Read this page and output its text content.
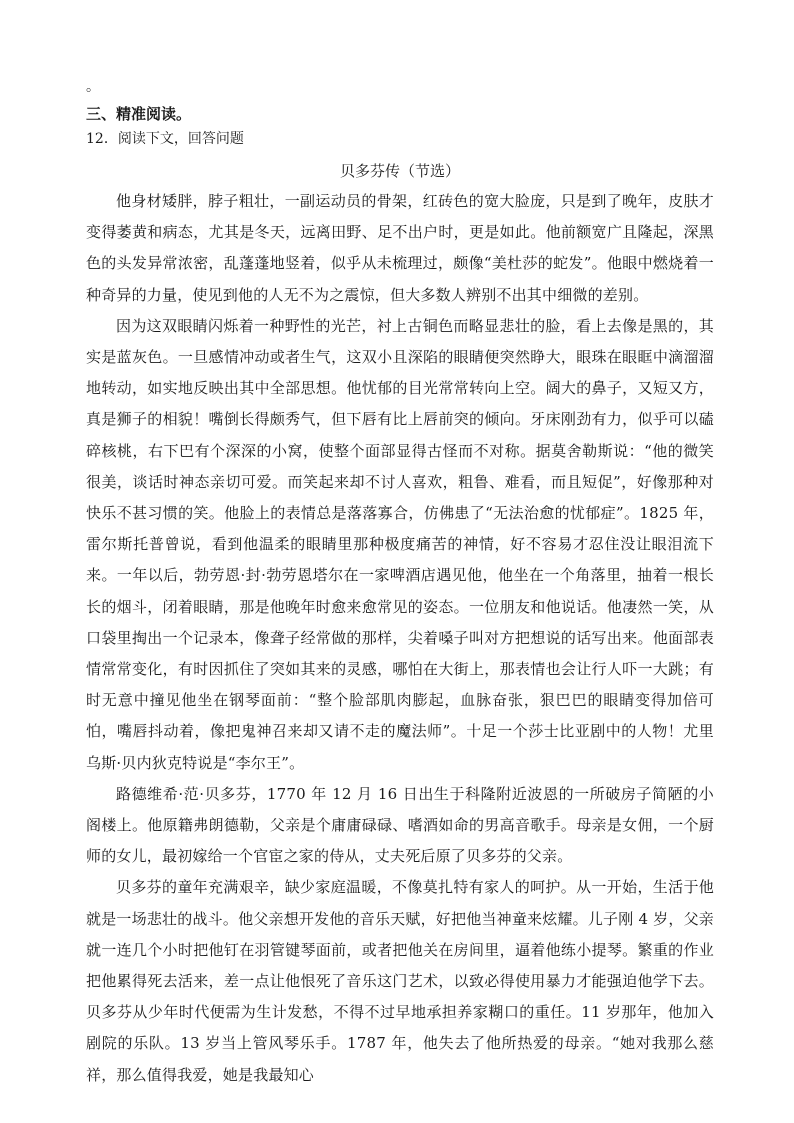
。
三、精准阅读。
12．阅读下文，回答问题
贝多芬传（节选）

他身材矮胖，脖子粗壮，一副运动员的骨架，红砖色的宽大脸庞，只是到了晚年，皮肤才变得萎黄和病态，尤其是冬天，远离田野、足不出户时，更是如此。他前额宽广且隆起，深黑色的头发异常浓密，乱蓬蓬地竖着，似乎从未梳理过，颇像“美杜莎的蛇发”。他眼中燃烧着一种奇异的力量，使见到他的人无不为之震惊，但大多数人辨别不出其中细微的差别。

因为这双眼睛闪烁着一种野性的光芒，衬上古铜色而略显悲壮的脸，看上去像是黑的，其实是蓝灰色。一旦感情冲动或者生气，这双小且深陷的眼睛便突然睁大，眼珠在眼眶中滴溜溜地转动，如实地反映出其中全部思想。他忧郁的目光常常转向上空。阔大的鼻子，又短又方，真是狮子的相貌！嘴倒长得颇秀气，但下唇有比上唇前突的倾向。牙床刚劲有力，似乎可以磕碎核桃，右下巴有个深深的小窝，使整个面部显得古怪而不对称。据莫舍勒斯说：“他的微笑很美，谈话时神态亲切可爱。而笑起来却不讨人喜欢，粗鲁、难看，而且短促”，好像那种对快乐不甚习惯的笑。他脸上的表情总是落落寡合，仿佛患了“无法治愈的忧郁症”。1825 年，雷尔斯托普曾说，看到他温柔的眼睛里那种极度痛苦的神情，好不容易才忍住没让眼泪流下来。一年以后，勃劳恩·封·勃劳恩塔尔在一家啤酒店遇见他，他坐在一个角落里，抽着一根长长的烟斗，闭着眼睛，那是他晚年时愈来愈常见的姿态。一位朋友和他说话。他凄然一笑，从口袋里掏出一个记录本，像聋子经常做的那样，尖着嗓子叫对方把想说的话写出来。他面部表情常常变化，有时因抓住了突如其来的灵感，哪怕在大街上，那表情也会让行人吓一大跳；有时无意中撞见他坐在钢琴面前：“整个脸部肌肉膨起，血脉奋张，狠巴巴的眼睛变得加倍可怕，嘴唇抖动着，像把鬼神召来却又请不走的魔法师”。十足一个莎士比亚剧中的人物！尤里乌斯·贝内狄克特说是“李尔王”。

路德维希·范·贝多芬，1770 年 12 月 16 日出生于科隆附近波恩的一所破房子简陋的小阁楼上。他原籍弗朗德勒，父亲是个庸庸碌碌、嗜酒如命的男高音歌手。母亲是女佣，一个厨师的女儿，最初嫁给一个官宦之家的侍从，丈夫死后原了贝多芬的父亲。

贝多芬的童年充满艰辛，缺少家庭温暖，不像莫扎特有家人的呵护。从一开始，生活于他就是一场悲壮的战斗。他父亲想开发他的音乐天赋，好把他当神童来炫耀。儿子刚 4 岁，父亲就一连几个小时把他钉在羽管键琴面前，或者把他关在房间里，逼着他练小提琴。繁重的作业把他累得死去活来，差一点让他恨死了音乐这门艺术，以致必得使用暴力才能强迫他学下去。贝多芬从少年时代便需为生计发愁，不得不过早地承担养家糊口的重任。11 岁那年，他加入剧院的乐队。13 岁当上管风琴乐手。1787 年，他失去了他所热爱的母亲。“她对我那么慈祥，那么值得我爱，她是我最知心
